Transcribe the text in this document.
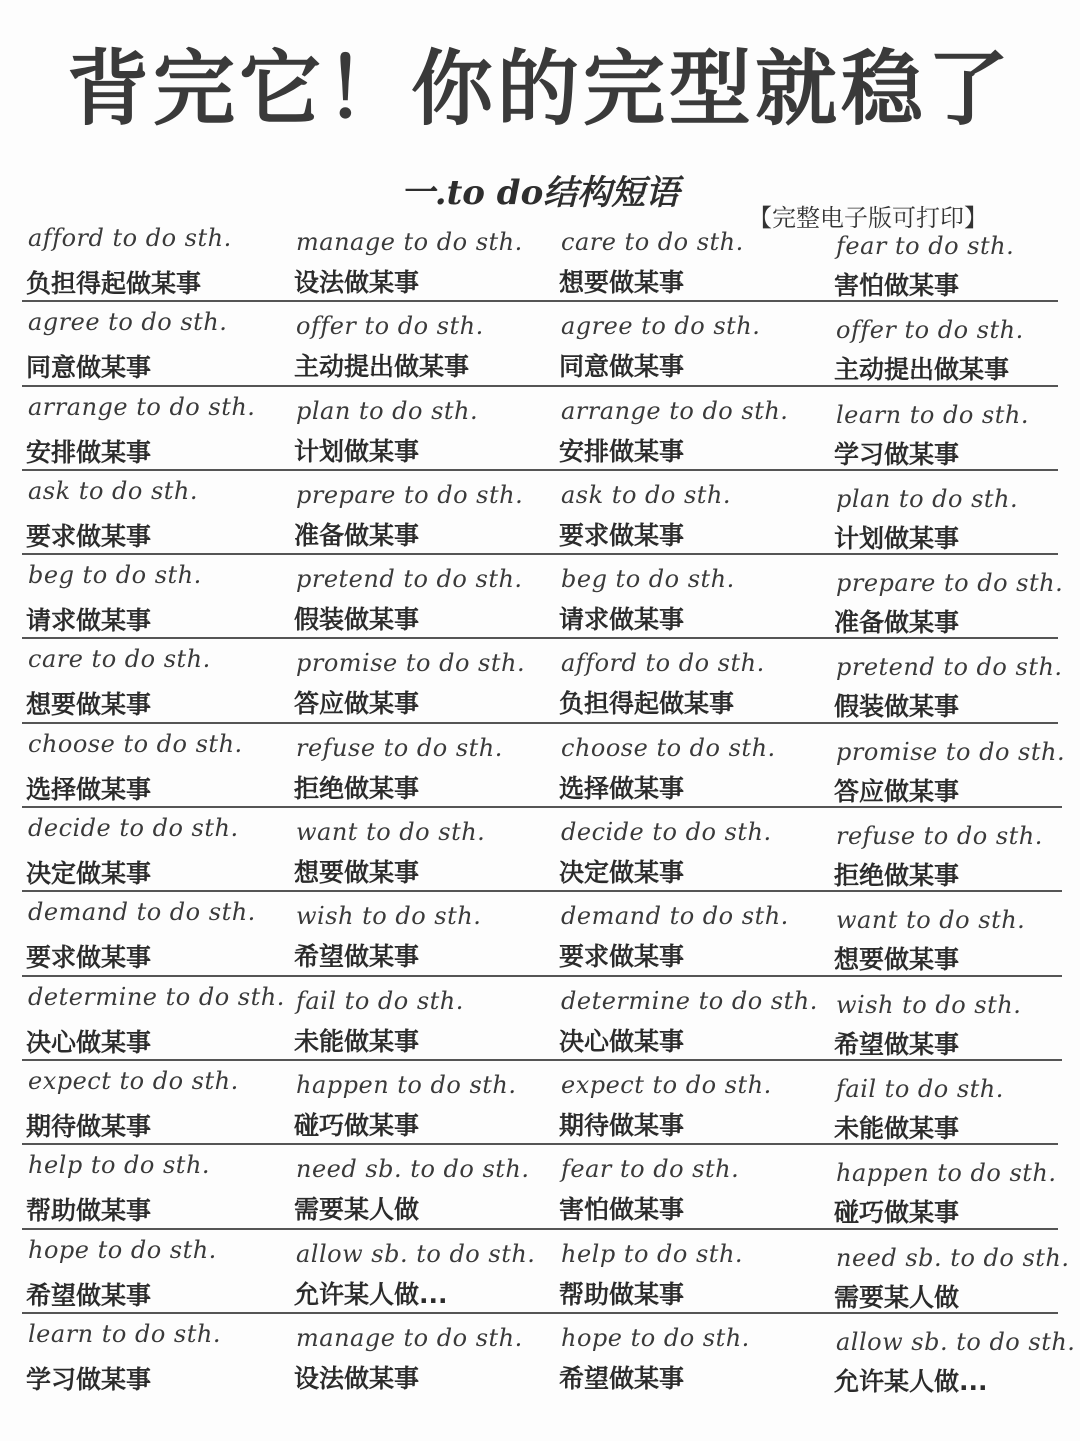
背完它！你的完型就稳了
一.to do结构短语
【完整电子版可打印】
afford to do sth.
负担得起做某事
manage to do sth.
设法做某事
care to do sth.
想要做某事
fear to do sth.
害怕做某事
agree to do sth.
同意做某事
offer to do sth.
主动提出做某事
agree to do sth.
同意做某事
offer to do sth.
主动提出做某事
arrange to do sth.
安排做某事
plan to do sth.
计划做某事
arrange to do sth.
安排做某事
learn to do sth.
学习做某事
ask to do sth.
要求做某事
prepare to do sth.
准备做某事
ask to do sth.
要求做某事
plan to do sth.
计划做某事
beg to do sth.
请求做某事
pretend to do sth.
假装做某事
beg to do sth.
请求做某事
prepare to do sth.
准备做某事
care to do sth.
想要做某事
promise to do sth.
答应做某事
afford to do sth.
负担得起做某事
pretend to do sth.
假装做某事
choose to do sth.
选择做某事
refuse to do sth.
拒绝做某事
choose to do sth.
选择做某事
promise to do sth.
答应做某事
decide to do sth.
决定做某事
want to do sth.
想要做某事
decide to do sth.
决定做某事
refuse to do sth.
拒绝做某事
demand to do sth.
要求做某事
wish to do sth.
希望做某事
demand to do sth.
要求做某事
want to do sth.
想要做某事
determine to do sth.
决心做某事
fail to do sth.
未能做某事
determine to do sth.
决心做某事
wish to do sth.
希望做某事
expect to do sth.
期待做某事
happen to do sth.
碰巧做某事
expect to do sth.
期待做某事
fail to do sth.
未能做某事
help to do sth.
帮助做某事
need sb. to do sth.
需要某人做
fear to do sth.
害怕做某事
happen to do sth.
碰巧做某事
hope to do sth.
希望做某事
allow sb. to do sth.
允许某人做...
help to do sth.
帮助做某事
need sb. to do sth.
需要某人做
learn to do sth.
学习做某事
manage to do sth.
设法做某事
hope to do sth.
希望做某事
allow sb. to do sth.
允许某人做...
